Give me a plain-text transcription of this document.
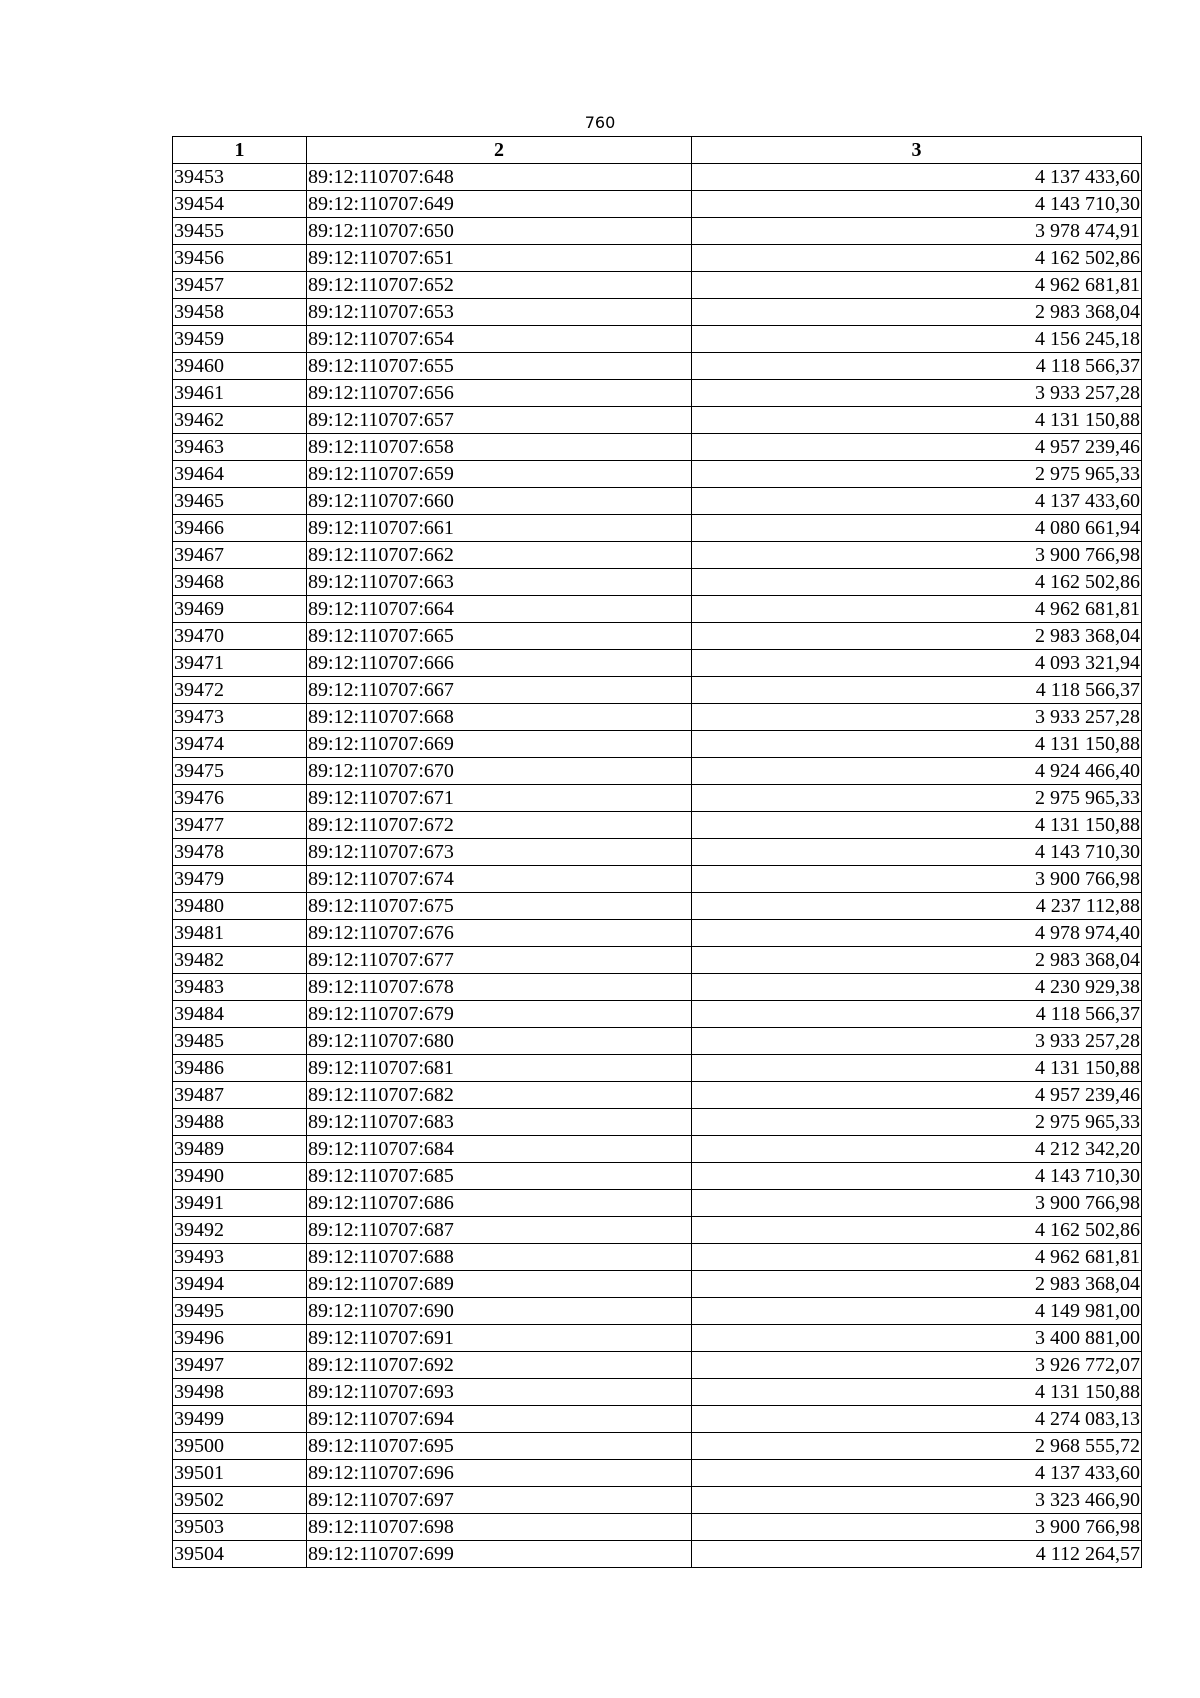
760
1	2	3
39453	89:12:110707:648	4 137 433,60
39454	89:12:110707:649	4 143 710,30
39455	89:12:110707:650	3 978 474,91
39456	89:12:110707:651	4 162 502,86
39457	89:12:110707:652	4 962 681,81
39458	89:12:110707:653	2 983 368,04
39459	89:12:110707:654	4 156 245,18
39460	89:12:110707:655	4 118 566,37
39461	89:12:110707:656	3 933 257,28
39462	89:12:110707:657	4 131 150,88
39463	89:12:110707:658	4 957 239,46
39464	89:12:110707:659	2 975 965,33
39465	89:12:110707:660	4 137 433,60
39466	89:12:110707:661	4 080 661,94
39467	89:12:110707:662	3 900 766,98
39468	89:12:110707:663	4 162 502,86
39469	89:12:110707:664	4 962 681,81
39470	89:12:110707:665	2 983 368,04
39471	89:12:110707:666	4 093 321,94
39472	89:12:110707:667	4 118 566,37
39473	89:12:110707:668	3 933 257,28
39474	89:12:110707:669	4 131 150,88
39475	89:12:110707:670	4 924 466,40
39476	89:12:110707:671	2 975 965,33
39477	89:12:110707:672	4 131 150,88
39478	89:12:110707:673	4 143 710,30
39479	89:12:110707:674	3 900 766,98
39480	89:12:110707:675	4 237 112,88
39481	89:12:110707:676	4 978 974,40
39482	89:12:110707:677	2 983 368,04
39483	89:12:110707:678	4 230 929,38
39484	89:12:110707:679	4 118 566,37
39485	89:12:110707:680	3 933 257,28
39486	89:12:110707:681	4 131 150,88
39487	89:12:110707:682	4 957 239,46
39488	89:12:110707:683	2 975 965,33
39489	89:12:110707:684	4 212 342,20
39490	89:12:110707:685	4 143 710,30
39491	89:12:110707:686	3 900 766,98
39492	89:12:110707:687	4 162 502,86
39493	89:12:110707:688	4 962 681,81
39494	89:12:110707:689	2 983 368,04
39495	89:12:110707:690	4 149 981,00
39496	89:12:110707:691	3 400 881,00
39497	89:12:110707:692	3 926 772,07
39498	89:12:110707:693	4 131 150,88
39499	89:12:110707:694	4 274 083,13
39500	89:12:110707:695	2 968 555,72
39501	89:12:110707:696	4 137 433,60
39502	89:12:110707:697	3 323 466,90
39503	89:12:110707:698	3 900 766,98
39504	89:12:110707:699	4 112 264,57
